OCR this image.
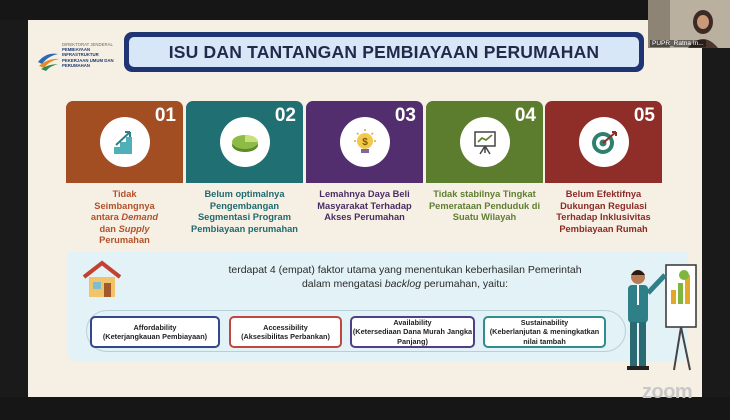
DIREKTORAT JENDERAL
PEMBIAYAAN
INFRASTRUKTUR
PEKERJAAN UMUM DAN
PERUMAHAN
ISU DAN TANTANGAN PEMBIAYAAN PERUMAHAN
01
Tidak
Seimbangnya
antara Demand
dan Supply
Perumahan
02
Belum optimalnya Pengembangan Segmentasi Program Pembiayaan perumahan
03
$
Lemahnya Daya Beli Masyarakat Terhadap Akses Perumahan
04
Tidak stabilnya Tingkat Pemerataan Penduduk di Suatu Wilayah
05
Belum Efektifnya Dukungan Regulasi Terhadap Inklusivitas Pembiayaan Rumah
terdapat 4 (empat) faktor utama yang menentukan keberhasilan Pemerintah
dalam mengatasi backlog perumahan, yaitu:
Affordability
(Keterjangkauan Pembiayaan)
Accessibility
(Aksesibilitas Perbankan)
Availability
(Ketersediaan Dana Murah Jangka Panjang)
Sustainability
(Keberlanjutan & meningkatkan nilai tambah
PUPR_Ratna In...
zoom
